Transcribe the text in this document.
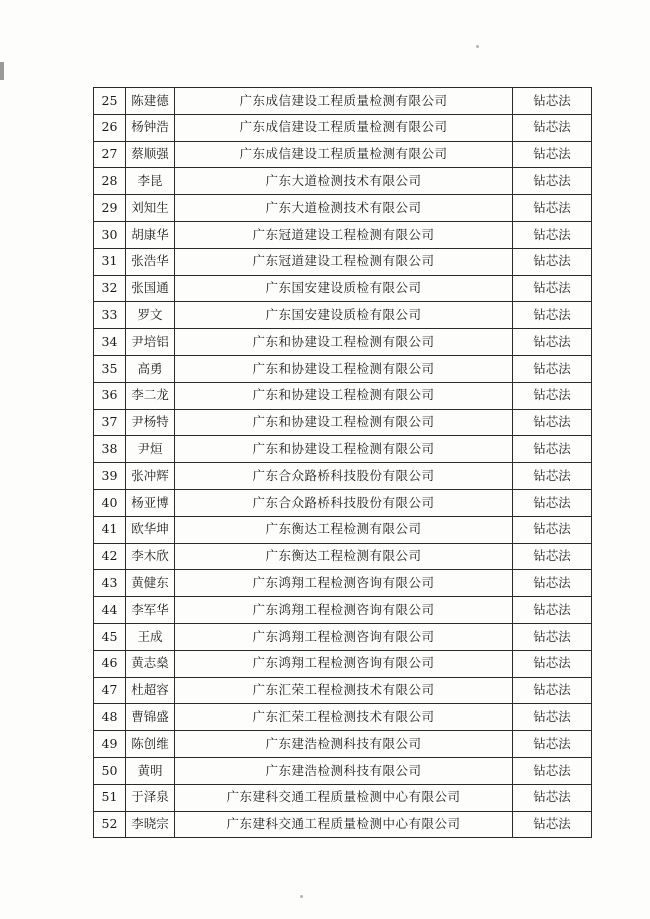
25	陈建德	广东成信建设工程质量检测有限公司	钻芯法
26	杨钟浩	广东成信建设工程质量检测有限公司	钻芯法
27	蔡顺强	广东成信建设工程质量检测有限公司	钻芯法
28	李昆	广东大道检测技术有限公司	钻芯法
29	刘知生	广东大道检测技术有限公司	钻芯法
30	胡康华	广东冠道建设工程检测有限公司	钻芯法
31	张浩华	广东冠道建设工程检测有限公司	钻芯法
32	张国通	广东国安建设质检有限公司	钻芯法
33	罗文	广东国安建设质检有限公司	钻芯法
34	尹培铝	广东和协建设工程检测有限公司	钻芯法
35	高勇	广东和协建设工程检测有限公司	钻芯法
36	李二龙	广东和协建设工程检测有限公司	钻芯法
37	尹杨特	广东和协建设工程检测有限公司	钻芯法
38	尹烜	广东和协建设工程检测有限公司	钻芯法
39	张冲辉	广东合众路桥科技股份有限公司	钻芯法
40	杨亚博	广东合众路桥科技股份有限公司	钻芯法
41	欧华坤	广东衡达工程检测有限公司	钻芯法
42	李木欣	广东衡达工程检测有限公司	钻芯法
43	黄健东	广东鸿翔工程检测咨询有限公司	钻芯法
44	李军华	广东鸿翔工程检测咨询有限公司	钻芯法
45	王成	广东鸿翔工程检测咨询有限公司	钻芯法
46	黄志燊	广东鸿翔工程检测咨询有限公司	钻芯法
47	杜超容	广东汇荣工程检测技术有限公司	钻芯法
48	曹锦盛	广东汇荣工程检测技术有限公司	钻芯法
49	陈创维	广东建浩检测科技有限公司	钻芯法
50	黄明	广东建浩检测科技有限公司	钻芯法
51	于泽泉	广东建科交通工程质量检测中心有限公司	钻芯法
52	李晓宗	广东建科交通工程质量检测中心有限公司	钻芯法
